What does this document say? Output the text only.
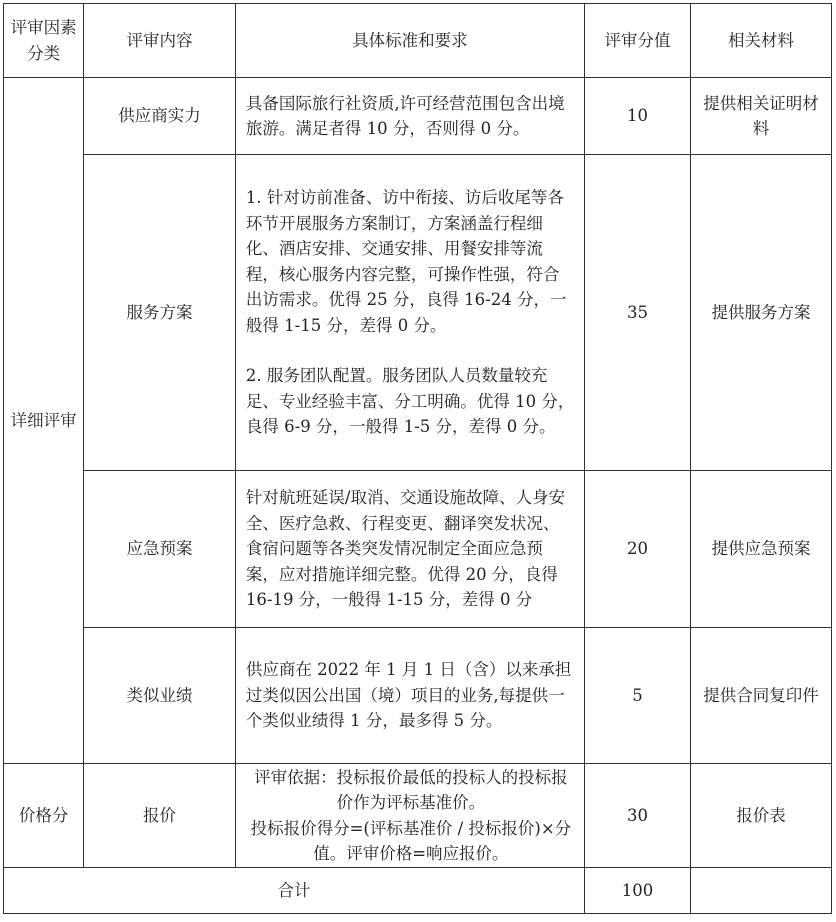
评审因素分类	评审内容	具体标准和要求	评审分值	相关材料
详细评审	供应商实力	具备国际旅行社资质,许可经营范围包含出境旅游。满足者得 10 分，否则得 0 分。	10	提供相关证明材料
	服务方案	1. 针对访前准备、访中衔接、访后收尾等各环节开展服务方案制订，方案涵盖行程细化、酒店安排、交通安排、用餐安排等流程，核心服务内容完整，可操作性强，符合出访需求。优得 25 分，良得 16-24 分，一般得 1-15 分，差得 0 分。

2. 服务团队配置。服务团队人员数量较充足、专业经验丰富、分工明确。优得 10 分，良得 6-9 分，一般得 1-5 分，差得 0 分。	35	提供服务方案
	应急预案	针对航班延误/取消、交通设施故障、人身安全、医疗急救、行程变更、翻译突发状况、食宿问题等各类突发情况制定全面应急预案，应对措施详细完整。优得 20 分，良得 16-19 分，一般得 1-15 分，差得 0 分	20	提供应急预案
	类似业绩	供应商在 2022 年 1 月 1 日（含）以来承担过类似因公出国（境）项目的业务,每提供一个类似业绩得 1 分，最多得 5 分。	5	提供合同复印件
价格分	报价	评审依据：投标报价最低的投标人的投标报价作为评标基准价。

投标报价得分=(评标基准价 / 投标报价)×分值。评审价格=响应报价。	30	报价表
合计			100	
